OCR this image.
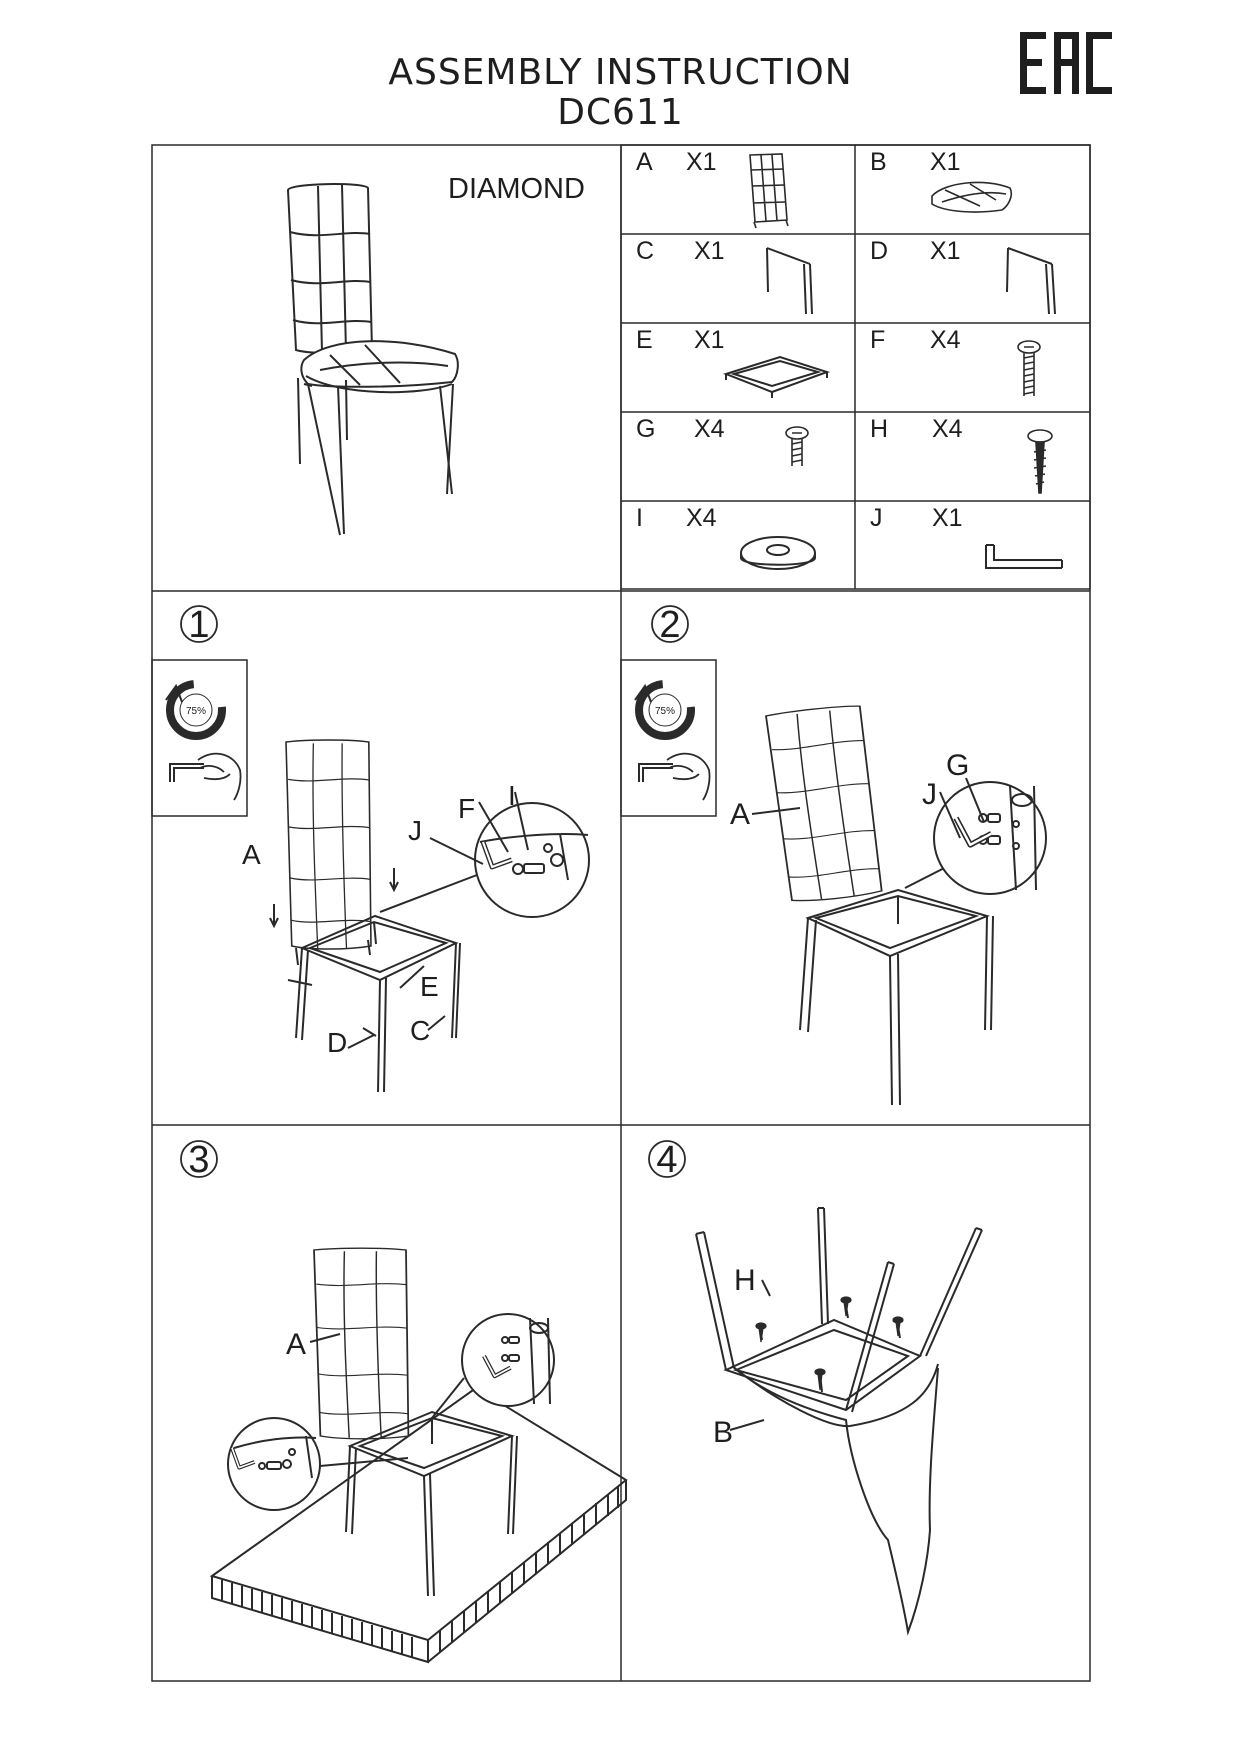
ASSEMBLY INSTRUCTION
DC611
DIAMOND
A X1	B X1
C X1	D X1
E X1	F X4
G X4	H X4
I X4	J X1
1
75%
A
J
F I
E
C
D
2
75%
A
J
G
3
A
4
H
B
